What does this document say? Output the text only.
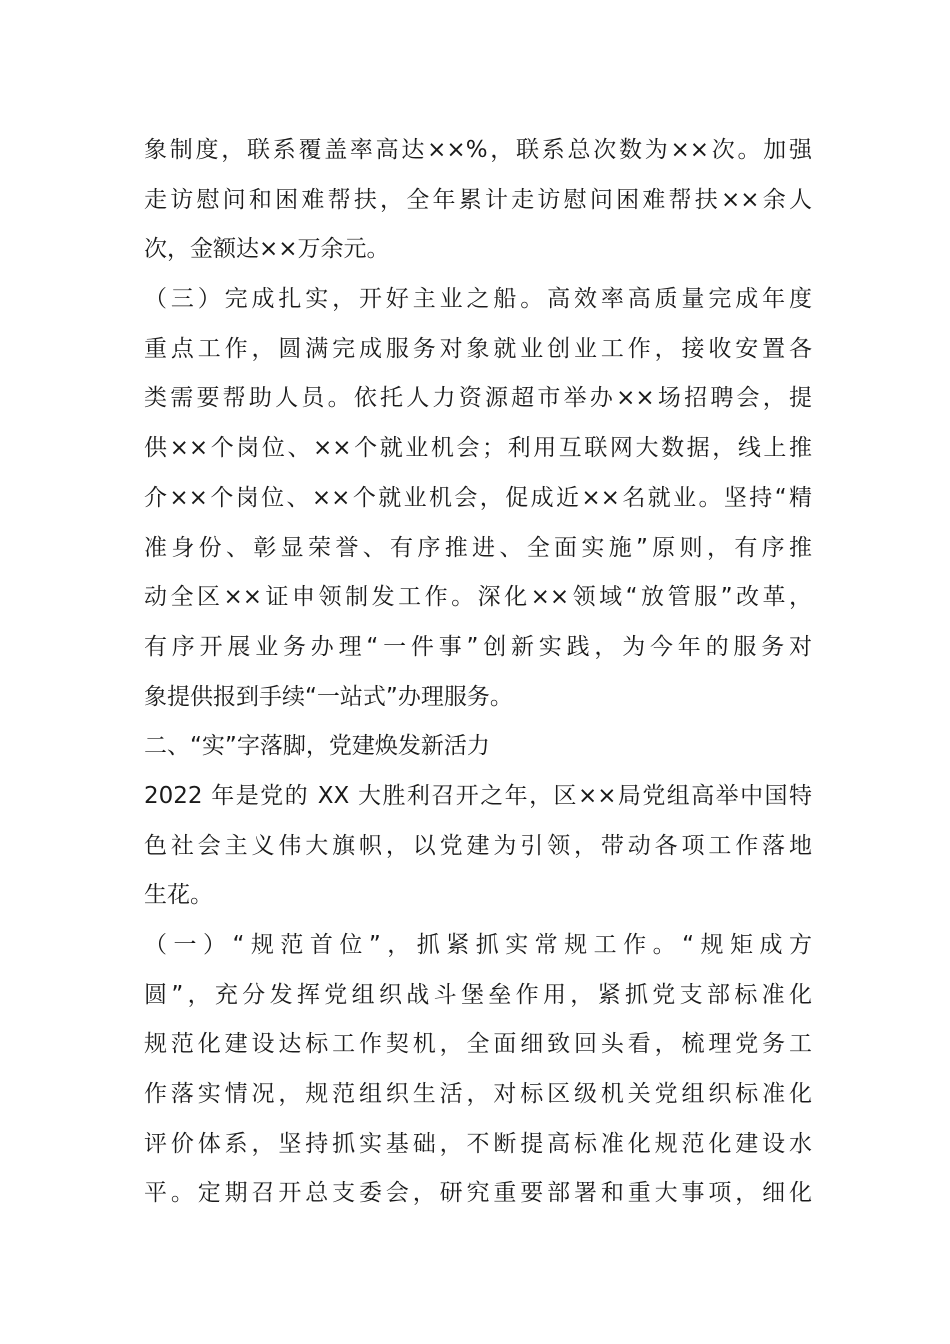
象制度，联系覆盖率高达××%，联系总次数为××次。加强
走访慰问和困难帮扶，全年累计走访慰问困难帮扶××余人
次，金额达××万余元。
（三）完成扎实，开好主业之船。高效率高质量完成年度
重点工作，圆满完成服务对象就业创业工作，接收安置各
类需要帮助人员。依托人力资源超市举办××场招聘会，提
供××个岗位、××个就业机会；利用互联网大数据，线上推
介××个岗位、××个就业机会，促成近××名就业。坚持“精
准身份、彰显荣誉、有序推进、全面实施”原则，有序推
动全区××证申领制发工作。深化××领域“放管服”改革，
有序开展业务办理“一件事”创新实践，为今年的服务对
象提供报到手续“一站式”办理服务。
二、“实”字落脚，党建焕发新活力
2022 年是党的 XX 大胜利召开之年，区××局党组高举中国特
色社会主义伟大旗帜，以党建为引领，带动各项工作落地
生花。
（一）“规范首位”，抓紧抓实常规工作。“规矩成方
圆”，充分发挥党组织战斗堡垒作用，紧抓党支部标准化
规范化建设达标工作契机，全面细致回头看，梳理党务工
作落实情况，规范组织生活，对标区级机关党组织标准化
评价体系，坚持抓实基础，不断提高标准化规范化建设水
平。定期召开总支委会，研究重要部署和重大事项，细化
